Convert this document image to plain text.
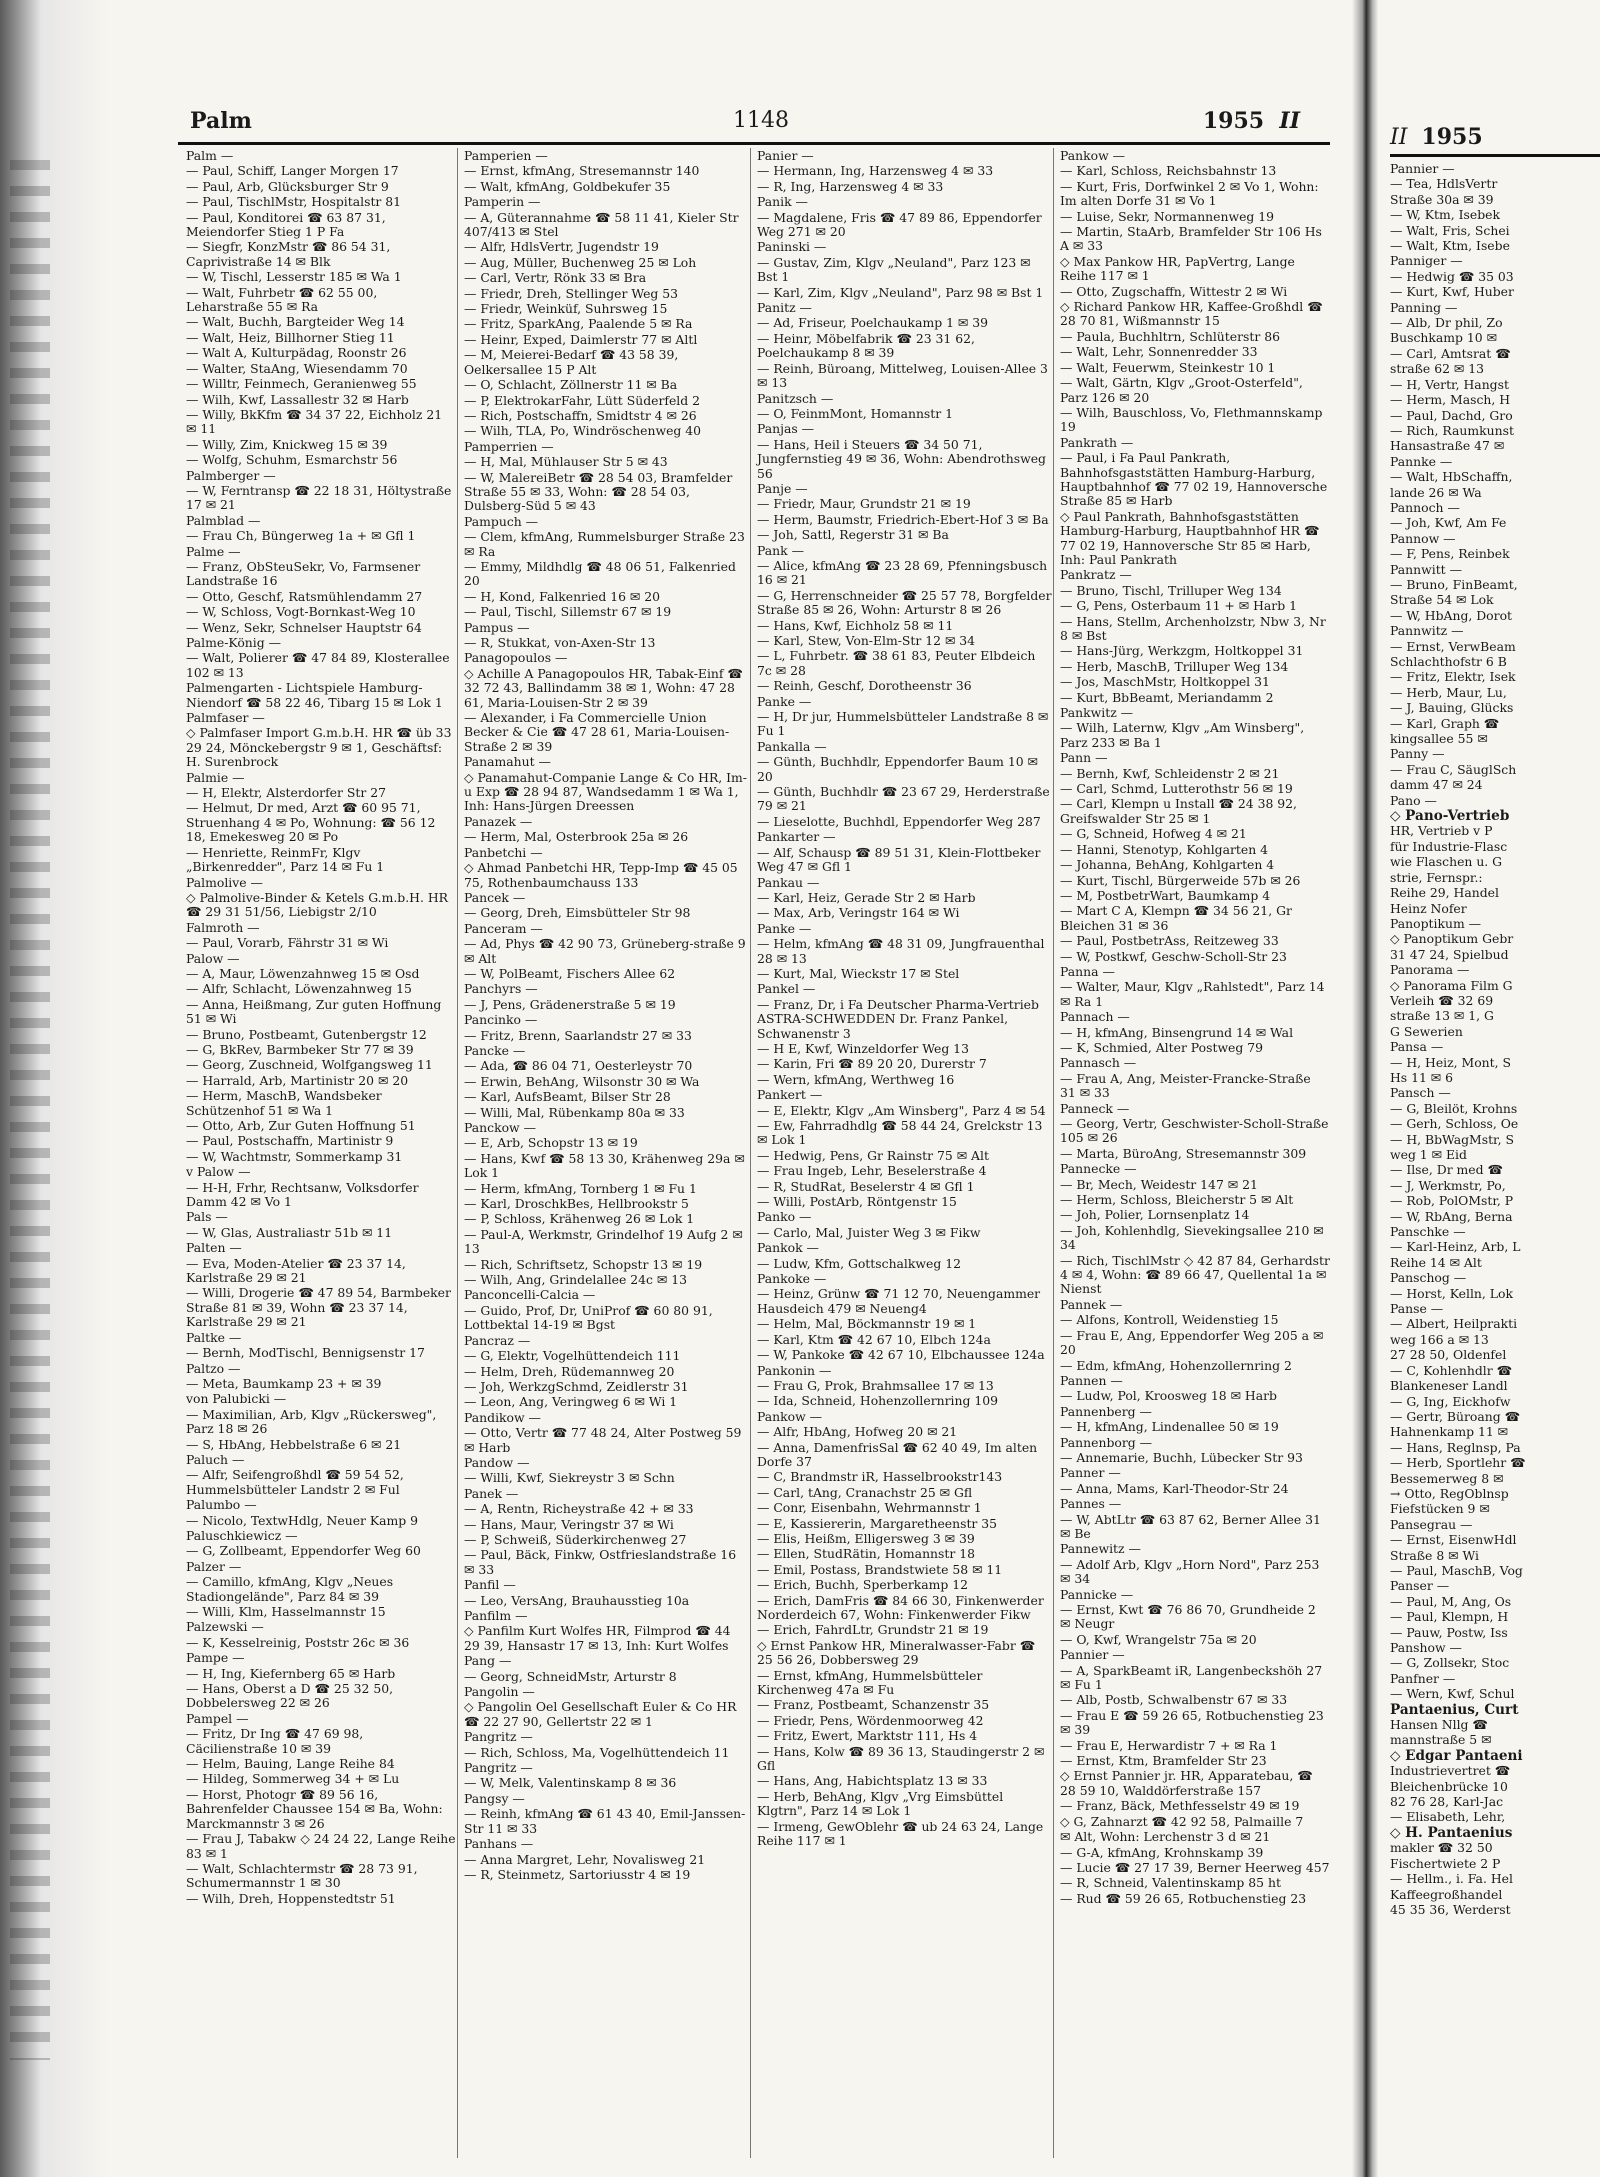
Palm	1148	1955 II
Palm —
— Paul, Schiff, Langer Morgen 17
— Paul, Arb, Glücksburger Str 9
— Paul, TischlMstr, Hospitalstr 81
— Paul, Konditorei ☎ 63 87 31, Meiendorfer Stieg 1 P Fa
— Siegfr, KonzMstr ☎ 86 54 31, Caprivistraße 14 ✉ Blk
— W, Tischl, Lesserstr 185 ✉ Wa 1
— Walt, Fuhrbetr ☎ 62 55 00, Leharstraße 55 ✉ Ra
— Walt, Buchh, Bargteider Weg 14
— Walt, Heiz, Billhorner Stieg 11
— Walt A, Kulturpädag, Roonstr 26
— Walter, StaAng, Wiesendamm 70
— Willtr, Feinmech, Geranienweg 55
— Wilh, Kwf, Lassallestr 32 ✉ Harb
— Willy, BkKfm ☎ 34 37 22, Eichholz 21 ✉ 11
— Willy, Zim, Knickweg 15 ✉ 39
— Wolfg, Schuhm, Esmarchstr 56
Palmberger —
— W, Ferntransp ☎ 22 18 31, Höltystraße 17 ✉ 21
Palmblad —
— Frau Ch, Büngerweg 1a + ✉ Gfl 1
Palme —
— Franz, ObSteuSekr, Vo, Farmsener Landstraße 16
— Otto, Geschf, Ratsmühlendamm 27
— W, Schloss, Vogt-Bornkast-Weg 10
— Wenz, Sekr, Schnelser Hauptstr 64
Palme-König —
— Walt, Polierer ☎ 47 84 89, Klosterallee 102 ✉ 13
Palmengarten - Lichtspiele Hamburg-Niendorf ☎ 58 22 46, Tibarg 15 ✉ Lok 1
Palmfaser —
◇ Palmfaser Import G.m.b.H. HR ☎ üb 33 29 24, Mönckebergstr 9 ✉ 1, Geschäftsf: H. Surenbrock
Palmie —
— H, Elektr, Alsterdorfer Str 27
— Helmut, Dr med, Arzt ☎ 60 95 71, Struenhang 4 ✉ Po, Wohnung: ☎ 56 12 18, Emekesweg 20 ✉ Po
— Henriette, ReinmFr, Klgv „Birkenredder", Parz 14 ✉ Fu 1
Palmolive —
◇ Palmolive-Binder & Ketels G.m.b.H. HR ☎ 29 31 51/56, Liebigstr 2/10
Falmroth —
— Paul, Vorarb, Fährstr 31 ✉ Wi
Palow —
— A, Maur, Löwenzahnweg 15 ✉ Osd
— Alfr, Schlacht, Löwenzahnweg 15
— Anna, Heißmang, Zur guten Hoffnung 51 ✉ Wi
— Bruno, Postbeamt, Gutenbergstr 12
— G, BkRev, Barmbeker Str 77 ✉ 39
— Georg, Zuschneid, Wolfgangsweg 11
— Harrald, Arb, Martinistr 20 ✉ 20
— Herm, MaschB, Wandsbeker Schützenhof 51 ✉ Wa 1
— Otto, Arb, Zur Guten Hoffnung 51
— Paul, Postschaffn, Martinistr 9
— W, Wachtmstr, Sommerkamp 31
v Palow —
— H-H, Frhr, Rechtsanw, Volksdorfer Damm 42 ✉ Vo 1
Pals —
— W, Glas, Australiastr 51b ✉ 11
Palten —
— Eva, Moden-Atelier ☎ 23 37 14, Karlstraße 29 ✉ 21
— Willi, Drogerie ☎ 47 89 54, Barmbeker Straße 81 ✉ 39, Wohn ☎ 23 37 14, Karlstraße 29 ✉ 21
Paltke —
— Bernh, ModTischl, Bennigsenstr 17
Paltzo —
— Meta, Baumkamp 23 + ✉ 39
von Palubicki —
— Maximilian, Arb, Klgv „Rückersweg", Parz 18 ✉ 26
— S, HbAng, Hebbelstraße 6 ✉ 21
Paluch —
— Alfr, Seifengroßhdl ☎ 59 54 52, Hummelsbütteler Landstr 2 ✉ Ful
Palumbo —
— Nicolo, TextwHdlg, Neuer Kamp 9
Paluschkiewicz —
— G, Zollbeamt, Eppendorfer Weg 60
Palzer —
— Camillo, kfmAng, Klgv „Neues Stadiongelände", Parz 84 ✉ 39
— Willi, Klm, Hasselmannstr 15
Palzewski —
— K, Kesselreinig, Poststr 26c ✉ 36
Pampe —
— H, Ing, Kiefernberg 65 ✉ Harb
— Hans, Oberst a D ☎ 25 32 50, Dobbelersweg 22 ✉ 26
Pampel —
— Fritz, Dr Ing ☎ 47 69 98, Cäcilienstraße 10 ✉ 39
— Helm, Bauing, Lange Reihe 84
— Hildeg, Sommerweg 34 + ✉ Lu
— Horst, Photogr ☎ 89 56 16, Bahrenfelder Chaussee 154 ✉ Ba, Wohn: Marckmannstr 3 ✉ 26
— Frau J, Tabakw ◇ 24 24 22, Lange Reihe 83 ✉ 1
— Walt, Schlachtermstr ☎ 28 73 91, Schumermannstr 1 ✉ 30
— Wilh, Dreh, Hoppenstedtstr 51
Pamperien —
— Ernst, kfmAng, Stresemannstr 140
— Walt, kfmAng, Goldbekufer 35
Pamperin —
— A, Güterannahme ☎ 58 11 41, Kieler Str 407/413 ✉ Stel
— Alfr, HdlsVertr, Jugendstr 19
— Aug, Müller, Buchenweg 25 ✉ Loh
— Carl, Vertr, Rönk 33 ✉ Bra
— Friedr, Dreh, Stellinger Weg 53
— Friedr, Weinküf, Suhrsweg 15
— Fritz, SparkAng, Paalende 5 ✉ Ra
— Heinr, Exped, Daimlerstr 77 ✉ Altl
— M, Meierei-Bedarf ☎ 43 58 39, Oelkersallee 15 P Alt
— O, Schlacht, Zöllnerstr 11 ✉ Ba
— P, ElektrokarFahr, Lütt Süderfeld 2
— Rich, Postschaffn, Smidtstr 4 ✉ 26
— Wilh, TLA, Po, Windröschenweg 40
Pamperrien —
— H, Mal, Mühlauser Str 5 ✉ 43
— W, MalereiBetr ☎ 28 54 03, Bramfelder Straße 55 ✉ 33, Wohn: ☎ 28 54 03, Dulsberg-Süd 5 ✉ 43
Pampuch —
— Clem, kfmAng, Rummelsburger Straße 23 ✉ Ra
— Emmy, Mildhdlg ☎ 48 06 51, Falkenried 20
— H, Kond, Falkenried 16 ✉ 20
— Paul, Tischl, Sillemstr 67 ✉ 19
Pampus —
— R, Stukkat, von-Axen-Str 13
Panagopoulos —
◇ Achille A Panagopoulos HR, Tabak-Einf ☎ 32 72 43, Ballindamm 38 ✉ 1, Wohn: 47 28 61, Maria-Louisen-Str 2 ✉ 39
— Alexander, i Fa Commercielle Union Becker & Cie ☎ 47 28 61, Maria-Louisen-Straße 2 ✉ 39
Panamahut —
◇ Panamahut-Companie Lange & Co HR, Im- u Exp ☎ 28 94 87, Wandsedamm 1 ✉ Wa 1, Inh: Hans-Jürgen Dreessen
Panazek —
— Herm, Mal, Osterbrook 25a ✉ 26
Panbetchi —
◇ Ahmad Panbetchi HR, Tepp-Imp ☎ 45 05 75, Rothenbaumchauss 133
Pancek —
— Georg, Dreh, Eimsbütteler Str 98
Panceram —
— Ad, Phys ☎ 42 90 73, Grüneberg-straße 9 ✉ Alt
— W, PolBeamt, Fischers Allee 62
Panchyrs —
— J, Pens, Grädenerstraße 5 ✉ 19
Pancinko —
— Fritz, Brenn, Saarlandstr 27 ✉ 33
Pancke —
— Ada, ☎ 86 04 71, Oesterleystr 70
— Erwin, BehAng, Wilsonstr 30 ✉ Wa
— Karl, AufsBeamt, Bilser Str 28
— Willi, Mal, Rübenkamp 80a ✉ 33
Panckow —
— E, Arb, Schopstr 13 ✉ 19
— Hans, Kwf ☎ 58 13 30, Krähenweg 29a ✉ Lok 1
— Herm, kfmAng, Tornberg 1 ✉ Fu 1
— Karl, DroschkBes, Hellbrookstr 5
— P, Schloss, Krähenweg 26 ✉ Lok 1
— Paul-A, Werkmstr, Grindelhof 19 Aufg 2 ✉ 13
— Rich, Schriftsetz, Schopstr 13 ✉ 19
— Wilh, Ang, Grindelallee 24c ✉ 13
Panconcelli-Calcia —
— Guido, Prof, Dr, UniProf ☎ 60 80 91, Lottbektal 14-19 ✉ Bgst
Pancraz —
— G, Elektr, Vogelhüttendeich 111
— Helm, Dreh, Rüdemannweg 20
— Joh, WerkzgSchmd, Zeidlerstr 31
— Leon, Ang, Veringweg 6 ✉ Wi 1
Pandikow —
— Otto, Vertr ☎ 77 48 24, Alter Postweg 59 ✉ Harb
Pandow —
— Willi, Kwf, Siekreystr 3 ✉ Schn
Panek —
— A, Rentn, Richeystraße 42 + ✉ 33
— Hans, Maur, Veringstr 37 ✉ Wi
— P, Schweiß, Süderkirchenweg 27
— Paul, Bäck, Finkw, Ostfrieslandstraße 16 ✉ 33
Panfil —
— Leo, VersAng, Brauhausstieg 10a
Panfilm —
◇ Panfilm Kurt Wolfes HR, Filmprod ☎ 44 29 39, Hansastr 17 ✉ 13, Inh: Kurt Wolfes
Pang —
— Georg, SchneidMstr, Arturstr 8
Pangolin —
◇ Pangolin Oel Gesellschaft Euler & Co HR ☎ 22 27 90, Gellertstr 22 ✉ 1
Pangritz —
— Rich, Schloss, Ma, Vogelhüttendeich 11
Pangritz —
— W, Melk, Valentinskamp 8 ✉ 36
Pangsy —
— Reinh, kfmAng ☎ 61 43 40, Emil-Janssen-Str 11 ✉ 33
Panhans —
— Anna Margret, Lehr, Novalisweg 21
— R, Steinmetz, Sartoriusstr 4 ✉ 19
Panier —
— Hermann, Ing, Harzensweg 4 ✉ 33
— R, Ing, Harzensweg 4 ✉ 33
Panik —
— Magdalene, Fris ☎ 47 89 86, Eppendorfer Weg 271 ✉ 20
Paninski —
— Gustav, Zim, Klgv „Neuland", Parz 123 ✉ Bst 1
— Karl, Zim, Klgv „Neuland", Parz 98 ✉ Bst 1
Panitz —
— Ad, Friseur, Poelchaukamp 1 ✉ 39
— Heinr, Möbelfabrik ☎ 23 31 62, Poelchaukamp 8 ✉ 39
— Reinh, Büroang, Mittelweg, Louisen-Allee 3 ✉ 13
Panitzsch —
— O, FeinmMont, Homannstr 1
Panjas —
— Hans, Heil i Steuers ☎ 34 50 71, Jungfernstieg 49 ✉ 36, Wohn: Abendrothsweg 56
Panje —
— Friedr, Maur, Grundstr 21 ✉ 19
— Herm, Baumstr, Friedrich-Ebert-Hof 3 ✉ Ba
— Joh, Sattl, Regerstr 31 ✉ Ba
Pank —
— Alice, kfmAng ☎ 23 28 69, Pfenningsbusch 16 ✉ 21
— G, Herrenschneider ☎ 25 57 78, Borgfelder Straße 85 ✉ 26, Wohn: Arturstr 8 ✉ 26
— Hans, Kwf, Eichholz 58 ✉ 11
— Karl, Stew, Von-Elm-Str 12 ✉ 34
— L, Fuhrbetr. ☎ 38 61 83, Peuter Elbdeich 7c ✉ 28
— Reinh, Geschf, Dorotheenstr 36
Panke —
— H, Dr jur, Hummelsbütteler Landstraße 8 ✉ Fu 1
Pankalla —
— Günth, Buchhdlr, Eppendorfer Baum 10 ✉ 20
— Günth, Buchhdlr ☎ 23 67 29, Herderstraße 79 ✉ 21
— Lieselotte, Buchhdl, Eppendorfer Weg 287
Pankarter —
— Alf, Schausp ☎ 89 51 31, Klein-Flottbeker Weg 47 ✉ Gfl 1
Pankau —
— Karl, Heiz, Gerade Str 2 ✉ Harb
— Max, Arb, Veringstr 164 ✉ Wi
Panke —
— Helm, kfmAng ☎ 48 31 09, Jungfrauenthal 28 ✉ 13
— Kurt, Mal, Wieckstr 17 ✉ Stel
Pankel —
— Franz, Dr, i Fa Deutscher Pharma-Vertrieb ASTRA-SCHWEDDEN Dr. Franz Pankel, Schwanenstr 3
— H E, Kwf, Winzeldorfer Weg 13
— Karin, Fri ☎ 89 20 20, Durerstr 7
— Wern, kfmAng, Werthweg 16
Pankert —
— E, Elektr, Klgv „Am Winsberg", Parz 4 ✉ 54
— Ew, Fahrradhdlg ☎ 58 44 24, Grelckstr 13 ✉ Lok 1
— Hedwig, Pens, Gr Rainstr 75 ✉ Alt
— Frau Ingeb, Lehr, Beselerstraße 4
— R, StudRat, Beselerstr 4 ✉ Gfl 1
— Willi, PostArb, Röntgenstr 15
Panko —
— Carlo, Mal, Juister Weg 3 ✉ Fikw
Pankok —
— Ludw, Kfm, Gottschalkweg 12
Pankoke —
— Heinz, Grünw ☎ 71 12 70, Neuengammer Hausdeich 479 ✉ Neueng4
— Helm, Mal, Böckmannstr 19 ✉ 1
— Karl, Ktm ☎ 42 67 10, Elbch 124a
— W, Pankoke ☎ 42 67 10, Elbchaussee 124a
Pankonin —
— Frau G, Prok, Brahmsallee 17 ✉ 13
— Ida, Schneid, Hohenzollernring 109
Pankow —
— Alfr, HbAng, Hofweg 20 ✉ 21
— Anna, DamenfrisSal ☎ 62 40 49, Im alten Dorfe 37
— C, Brandmstr iR, Hasselbrookstr143
— Carl, tAng, Cranachstr 25 ✉ Gfl
— Conr, Eisenbahn, Wehrmannstr 1
— E, Kassiererin, Margaretheenstr 35
— Elis, Heißm, Elligersweg 3 ✉ 39
— Ellen, StudRätin, Homannstr 18
— Emil, Postass, Brandstwiete 58 ✉ 11
— Erich, Buchh, Sperberkamp 12
— Erich, DamFris ☎ 84 66 30, Finkenwerder Norderdeich 67, Wohn: Finkenwerder Fikw
— Erich, FahrdLtr, Grundstr 21 ✉ 19
◇ Ernst Pankow HR, Mineralwasser-Fabr ☎ 25 56 26, Dobbersweg 29
— Ernst, kfmAng, Hummelsbütteler Kirchenweg 47a ✉ Fu
— Franz, Postbeamt, Schanzenstr 35
— Friedr, Pens, Wördenmoorweg 42
— Fritz, Ewert, Marktstr 111, Hs 4
— Hans, Kolw ☎ 89 36 13, Staudingerstr 2 ✉ Gfl
— Hans, Ang, Habichtsplatz 13 ✉ 33
— Herb, BehAng, Klgv „Vrg Eimsbüttel Klgtrn", Parz 14 ✉ Lok 1
— Irmeng, GewOblehr ☎ ub 24 63 24, Lange Reihe 117 ✉ 1
Pankow —
— Karl, Schloss, Reichsbahnstr 13
— Kurt, Fris, Dorfwinkel 2 ✉ Vo 1, Wohn: Im alten Dorfe 31 ✉ Vo 1
— Luise, Sekr, Normannenweg 19
— Martin, StaArb, Bramfelder Str 106 Hs A ✉ 33
◇ Max Pankow HR, PapVertrg, Lange Reihe 117 ✉ 1
— Otto, Zugschaffn, Wittestr 2 ✉ Wi
◇ Richard Pankow HR, Kaffee-Großhdl ☎ 28 70 81, Wißmannstr 15
— Paula, Buchhltrn, Schlüterstr 86
— Walt, Lehr, Sonnenredder 33
— Walt, Feuerwm, Steinkestr 10 1
— Walt, Gärtn, Klgv „Groot-Osterfeld", Parz 126 ✉ 20
— Wilh, Bauschloss, Vo, Flethmannskamp 19
Pankrath —
— Paul, i Fa Paul Pankrath, Bahnhofsgaststätten Hamburg-Harburg, Hauptbahnhof ☎ 77 02 19, Hannoversche Straße 85 ✉ Harb
◇ Paul Pankrath, Bahnhofsgaststätten Hamburg-Harburg, Hauptbahnhof HR ☎ 77 02 19, Hannoversche Str 85 ✉ Harb, Inh: Paul Pankrath
Pankratz —
— Bruno, Tischl, Trilluper Weg 134
— G, Pens, Osterbaum 11 + ✉ Harb 1
— Hans, Stellm, Archenholzstr, Nbw 3, Nr 8 ✉ Bst
— Hans-Jürg, Werkzgm, Holtkoppel 31
— Herb, MaschB, Trilluper Weg 134
— Jos, MaschMstr, Holtkoppel 31
— Kurt, BbBeamt, Meriandamm 2
Pankwitz —
— Wilh, Laternw, Klgv „Am Winsberg", Parz 233 ✉ Ba 1
Pann —
— Bernh, Kwf, Schleidenstr 2 ✉ 21
— Carl, Schmd, Lutterothstr 56 ✉ 19
— Carl, Klempn u Install ☎ 24 38 92, Greifswalder Str 25 ✉ 1
— G, Schneid, Hofweg 4 ✉ 21
— Hanni, Stenotyp, Kohlgarten 4
— Johanna, BehAng, Kohlgarten 4
— Kurt, Tischl, Bürgerweide 57b ✉ 26
— M, PostbetrWart, Baumkamp 4
— Mart C A, Klempn ☎ 34 56 21, Gr Bleichen 31 ✉ 36
— Paul, PostbetrAss, Reitzeweg 33
— W, Postkwf, Geschw-Scholl-Str 23
Panna —
— Walter, Maur, Klgv „Rahlstedt", Parz 14 ✉ Ra 1
Pannach —
— H, kfmAng, Binsengrund 14 ✉ Wal
— K, Schmied, Alter Postweg 79
Pannasch —
— Frau A, Ang, Meister-Francke-Straße 31 ✉ 33
Panneck —
— Georg, Vertr, Geschwister-Scholl-Straße 105 ✉ 26
— Marta, BüroAng, Stresemannstr 309
Pannecke —
— Br, Mech, Weidestr 147 ✉ 21
— Herm, Schloss, Bleicherstr 5 ✉ Alt
— Joh, Polier, Lornsenplatz 14
— Joh, Kohlenhdlg, Sievekingsallee 210 ✉ 34
— Rich, TischlMstr ◇ 42 87 84, Gerhardstr 4 ✉ 4, Wohn: ☎ 89 66 47, Quellental 1a ✉ Nienst
Pannek —
— Alfons, Kontroll, Weidenstieg 15
— Frau E, Ang, Eppendorfer Weg 205 a ✉ 20
— Edm, kfmAng, Hohenzollernring 2
Pannen —
— Ludw, Pol, Kroosweg 18 ✉ Harb
Pannenberg —
— H, kfmAng, Lindenallee 50 ✉ 19
Pannenborg —
— Annemarie, Buchh, Lübecker Str 93
Panner —
— Anna, Mams, Karl-Theodor-Str 24
Pannes —
— W, AbtLtr ☎ 63 87 62, Berner Allee 31 ✉ Be
Pannewitz —
— Adolf Arb, Klgv „Horn Nord", Parz 253 ✉ 34
Pannicke —
— Ernst, Kwt ☎ 76 86 70, Grundheide 2 ✉ Neugr
— O, Kwf, Wrangelstr 75a ✉ 20
Pannier —
— A, SparkBeamt iR, Langenbeckshöh 27 ✉ Fu 1
— Alb, Postb, Schwalbenstr 67 ✉ 33
— Frau E ☎ 59 26 65, Rotbuchenstieg 23 ✉ 39
— Frau E, Herwardistr 7 + ✉ Ra 1
— Ernst, Ktm, Bramfelder Str 23
◇ Ernst Pannier jr. HR, Apparatebau, ☎ 28 59 10, Walddörferstraße 157
— Franz, Bäck, Methfesselstr 49 ✉ 19
◇ G, Zahnarzt ☎ 42 92 58, Palmaille 7
✉ Alt, Wohn: Lerchenstr 3 d ✉ 21
— G-A, kfmAng, Krohnskamp 39
— Lucie ☎ 27 17 39, Berner Heerweg 457
— R, Schneid, Valentinskamp 85 ht
— Rud ☎ 59 26 65, Rotbuchenstieg 23
II 1955
Pannier —
— Tea, HdlsVertr
Straße 30a ✉ 39
— W, Ktm, Isebek
— Walt, Fris, Schei
— Walt, Ktm, Isebe
Panniger —
— Hedwig ☎ 35 03
— Kurt, Kwf, Huber
Panning —
— Alb, Dr phil, Zo
Buschkamp 10 ✉
— Carl, Amtsrat ☎
straße 62 ✉ 13
— H, Vertr, Hangst
— Herm, Masch, H
— Paul, Dachd, Gro
— Rich, Raumkunst
Hansastraße 47 ✉
Pannke —
— Walt, HbSchaffn,
lande 26 ✉ Wa
Pannoch —
— Joh, Kwf, Am Fe
Pannow —
— F, Pens, Reinbek
Pannwitt —
— Bruno, FinBeamt,
Straße 54 ✉ Lok
— W, HbAng, Dorot
Pannwitz —
— Ernst, VerwBeam
Schlachthofstr 6 B
— Fritz, Elektr, Isek
— Herb, Maur, Lu,
— J, Bauing, Glücks
— Karl, Graph ☎
kingsallee 55 ✉
Panny —
— Frau C, SäuglSch
damm 47 ✉ 24
Pano —
◇ Pano-Vertrieb
HR, Vertrieb v P
für Industrie-Flasc
wie Flaschen u. G
strie, Fernspr.:
Reihe 29, Handel
Heinz Nofer
Panoptikum —
◇ Panoptikum Gebr
31 47 24, Spielbud
Panorama —
◇ Panorama Film G
Verleih ☎ 32 69
straße 13 ✉ 1, G
G Sewerien
Pansa —
— H, Heiz, Mont, S
Hs 11 ✉ 6
Pansch —
— G, Bleilöt, Krohns
— Gerh, Schloss, Oe
— H, BbWagMstr, S
weg 1 ✉ Eid
— Ilse, Dr med ☎
— J, Werkmstr, Po,
— Rob, PolOMstr, P
— W, RbAng, Berna
Panschke —
— Karl-Heinz, Arb, L
Reihe 14 ✉ Alt
Panschog —
— Horst, Kelln, Lok
Panse —
— Albert, Heilprakti
weg 166 a ✉ 13
27 28 50, Oldenfel
— C, Kohlenhdlr ☎
Blankeneser Landl
— G, Ing, Eickhofw
— Gertr, Büroang ☎
Hahnenkamp 11 ✉
— Hans, Reglnsp, Pa
— Herb, Sportlehr ☎
Bessemerweg 8 ✉
→ Otto, RegOblnsp
Fiefstücken 9 ✉
Pansegrau —
— Ernst, EisenwHdl
Straße 8 ✉ Wi
— Paul, MaschB, Vog
Panser —
— Paul, M, Ang, Os
— Paul, Klempn, H
— Pauw, Postw, Iss
Panshow —
— G, Zollsekr, Stoc
Panfner —
— Wern, Kwf, Schul
Pantaenius, Curt
Hansen Nllg ☎
mannstraße 5 ✉
◇ Edgar Pantaeni
Industrievertret ☎
Bleichenbrücke 10
82 76 28, Karl-Jac
— Elisabeth, Lehr,
◇ H. Pantaenius
makler ☎ 32 50
Fischertwiete 2 P
— Hellm., i. Fa. Hel
Kaffeegroßhandel
45 35 36, Werderst
